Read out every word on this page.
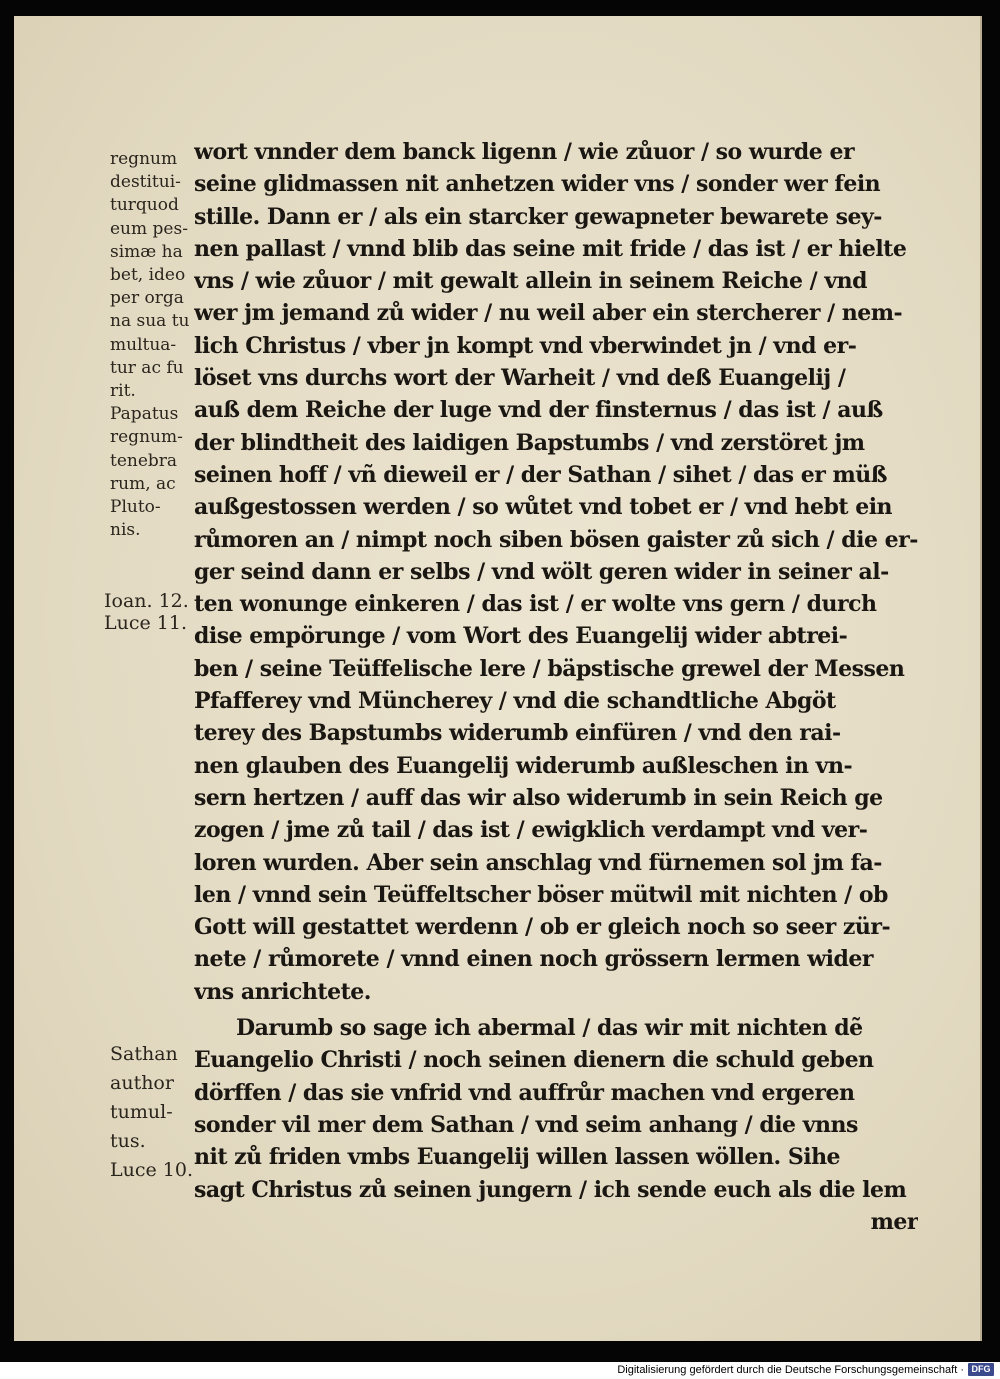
regnum
destitui-
turquod
eum pes-
simæ ha
bet, ideo
per orga
na sua tu
multua-
tur ac fu
rit.
Papatus
regnum-
tenebra
rum, ac
Pluto-
nis.
Ioan. 12.
Luce 11.
Sathan
author
tumul-
tus.
Luce 10.
wort vnnder dem banck ligenn / wie zůuor / so wurde er
seine glidmassen nit anhetzen wider vns / sonder wer fein
stille. Dann er / als ein starcker gewapneter bewarete sey-
nen pallast / vnnd blib das seine mit fride / das ist / er hielte
vns / wie zůuor / mit gewalt allein in seinem Reiche / vnd
wer jm jemand zů wider / nu weil aber ein stercherer / nem-
lich Christus / vber jn kompt vnd vberwindet jn / vnd er-
löset vns durchs wort der Warheit / vnd deß Euangelij /
auß dem Reiche der luge vnd der finsternus / das ist / auß
der blindtheit des laidigen Bapstumbs / vnd zerstöret jm
seinen hoff / vñ dieweil er / der Sathan / sihet / das er müß
außgestossen werden / so wůtet vnd tobet er / vnd hebt ein
růmoren an / nimpt noch siben bösen gaister zů sich / die er-
ger seind dann er selbs / vnd wölt geren wider in seiner al-
ten wonunge einkeren / das ist / er wolte vns gern / durch
dise empörunge / vom Wort des Euangelij wider abtrei-
ben / seine Teüffelische lere / bäpstische grewel der Messen
Pfafferey vnd Müncherey / vnd die schandtliche Abgöt
terey des Bapstumbs widerumb einfüren / vnd den rai-
nen glauben des Euangelij widerumb außleschen in vn-
sern hertzen / auff das wir also widerumb in sein Reich ge
zogen / jme zů tail / das ist / ewigklich verdampt vnd ver-
loren wurden. Aber sein anschlag vnd fürnemen sol jm fa-
len / vnnd sein Teüffeltscher böser mütwil mit nichten / ob
Gott will gestattet werdenn / ob er gleich noch so seer zür-
nete / růmorete / vnnd einen noch grössern lermen wider
vns anrichtete.
Darumb so sage ich abermal / das wir mit nichten dẽ
Euangelio Christi / noch seinen dienern die schuld geben
dörffen / das sie vnfrid vnd auffrůr machen vnd ergeren
sonder vil mer dem Sathan / vnd seim anhang / die vnns
nit zů friden vmbs Euangelij willen lassen wöllen. Sihe
sagt Christus zů seinen jungern / ich sende euch als die lem
mer
Digitalisierung gefördert durch die Deutsche Forschungsgemeinschaft · DFG
